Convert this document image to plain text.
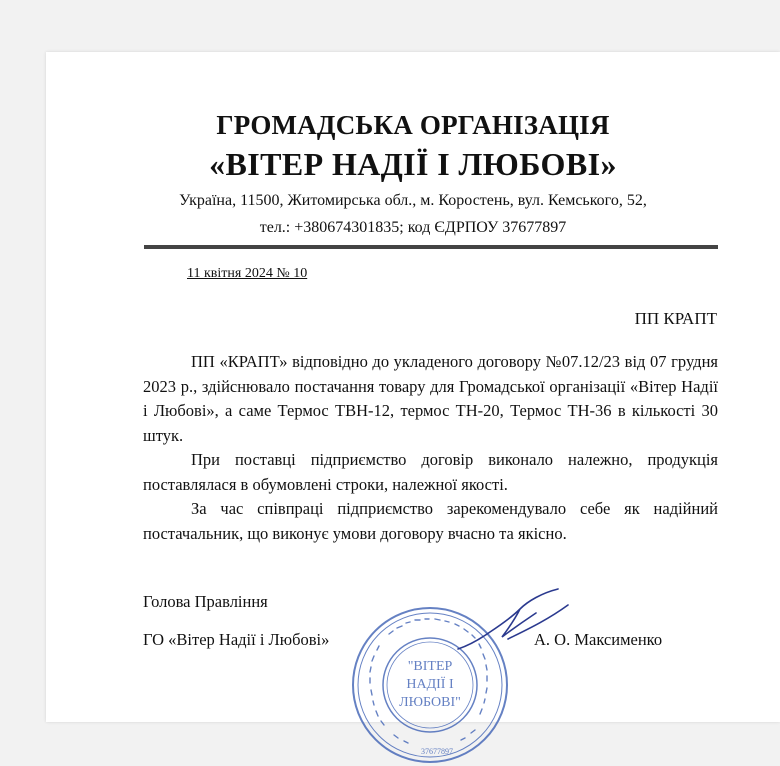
ГРОМАДСЬКА ОРГАНІЗАЦІЯ
«ВІТЕР НАДІЇ І ЛЮБОВІ»
Україна, 11500, Житомирська обл., м. Коростень, вул. Кемського, 52,
тел.: +380674301835; код ЄДРПОУ 37677897
11 квітня 2024 № 10
ПП КРАПТ

ПП «КРАПТ» відповідно до укладеного договору №07.12/23 від 07 грудня 2023 р., здійснювало постачання товару для Громадської організації «Вітер Надії і Любові», а саме Термос ТВН-12, термос ТН-20, Термос ТН-36 в кількості 30 штук.

При поставці підприємство договір виконало належно, продукція поставлялася в обумовлені строки, належної якості.

За час співпраці підприємство зарекомендувало себе як надійний постачальник, що виконує умови договору вчасно та якісно.

Голова Правління
ГО «Вітер Надії і Любові»	А. О. Максименко
"ВІТЕР
НАДІЇ І
ЛЮБОВІ"
37677897
